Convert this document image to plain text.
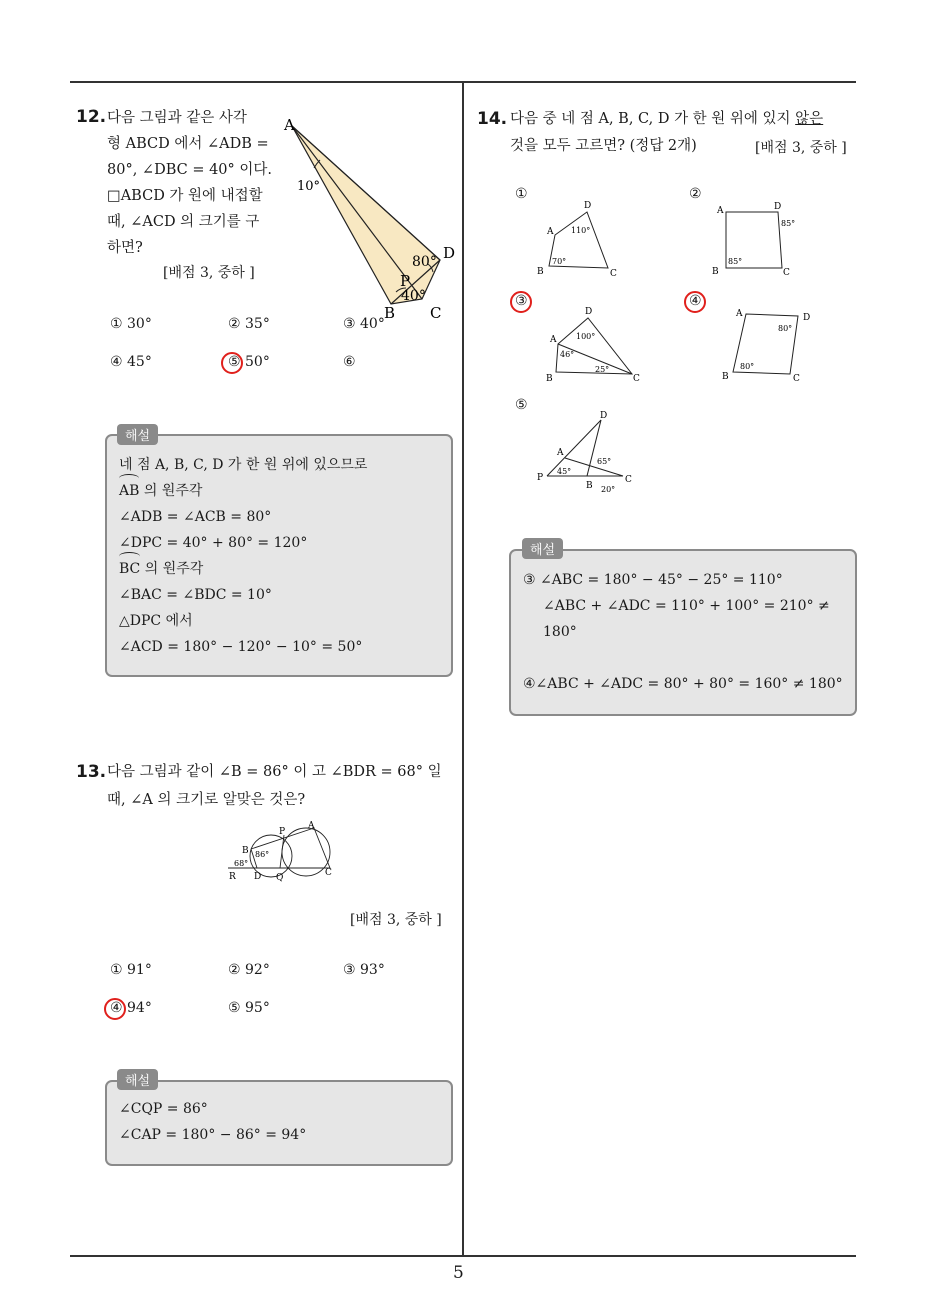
5
12. 다음 그림과 같은 사각
형 ABCD 에서 ∠ADB =
80°, ∠DBC = 40° 이다.
□ABCD 가 원에 내접할
때, ∠ACD 의 크기를 구
하면?
[배점 3, 중하 ]
A
10°
D
80°
P
40°
B C
① 30°	② 35°	③ 40°
④ 45°	⑤ 50°	⑥
네 점 A, B, C, D 가 한 원 위에 있으므로
AB 의 원주각
∠ADB = ∠ACB = 80°
∠DPC = 40° + 80° = 120°
BC 의 원주각
∠BAC = ∠BDC = 10°
△DPC 에서
∠ACD = 180° − 120° − 10° = 50°
해설
13. 다음 그림과 같이 ∠B = 86° 이 고 ∠BDR = 68° 일
때, ∠A 의 크기로 알맞은 것은?
P
A
B 86°
68°
R D Q	C
[배점 3, 중하 ]
① 91°	② 92°	③ 93°
④ 94°	⑤ 95°
∠CQP = 86°
∠CAP = 180° − 86° = 94°
해설
14. 다음 중 네 점 A, B, C, D 가 한 원 위에 있지 않은
것을 모두 고르면? (정답 2개)	[배점 3, 중하 ]
①	②
③	④
⑤
D
A 110°
B
70°
C
A	D
85°
B
85°
C
D
A 100°
46°
B
25°
C
A	D
80°
B
80°
C
D
A
65°
P
45°
B 20°
C
③ ∠ABC = 180° − 45° − 25° = 110°
∠ABC + ∠ADC = 110° + 100° = 210° ≠
180°
④∠ABC + ∠ADC = 80° + 80° = 160° ≠ 180°
해설
